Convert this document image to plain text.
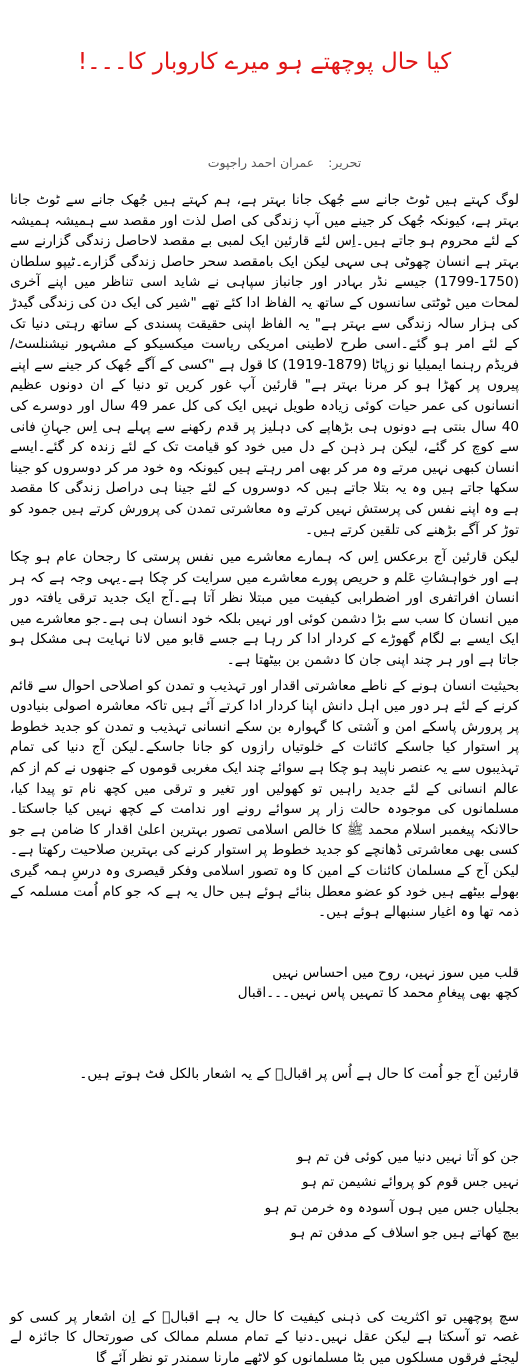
کیا حال پوچھتے ہو میرے کاروبار کا۔۔۔!
تحریر: عمران احمد راجپوت

لوگ کہتے ہیں ٹوٹ جانے سے جُھک جانا بہتر ہے، ہم کہتے ہیں جُھک جانے سے ٹوٹ جانا بہتر ہے، کیونکہ جُھک کر جینے میں آپ زندگی کی اصل لذت اور مقصد سے ہمیشہ ہمیشہ کے لئے محروم ہو جاتے ہیں۔اِس لئے قارئین ایک لمبی بے مقصد لاحاصل زندگی گزارنے سے بہتر ہے انسان چھوٹی ہی سہی لیکن ایک بامقصد سحر حاصل زندگی گزارے۔ٹیپو سلطان (1750-1799) جیسے نڈر بہادر اور جانباز سپاہی نے شاید اسی تناظر میں اپنے آخری لمحات میں ٹوٹتی سانسوں کے ساتھ یہ الفاظ ادا کئے تھے "شیر کی ایک دن کی زندگی گیدڑ کی ہزار سالہ زندگی سے بہتر ہے" یہ الفاظ اپنی حقیقت پسندی کے ساتھ رہتی دنیا تک کے لئے امر ہو گئے۔اسی طرح لاطینی امریکی ریاست میکسیکو کے مشہور نیشنلسٹ/ فریڈم رہنما ایمیلیا نو زپاٹا (1879-1919) کا قول ہے "کسی کے آگے جُھک کر جینے سے اپنے پیروں پر کھڑا ہو کر مرنا بہتر ہے" قارئین آپ غور کریں تو دنیا کے ان دونوں عظیم انسانوں کی عمر حیات کوئی زیادہ طویل نہیں ایک کی کل عمر 49 سال اور دوسرے کی 40 سال بنتی ہے دونوں ہی بڑھاپے کی دہلیز پر قدم رکھنے سے پہلے ہی اِس جہانِ فانی سے کوچ کر گئے، لیکن ہر ذہن کے دل میں خود کو قیامت تک کے لئے زندہ کر گئے۔ایسے انسان کبھی نہیں مرتے وہ مر کر بھی امر رہتے ہیں کیونکہ وہ خود مر کر دوسروں کو جینا سکھا جاتے ہیں وہ یہ بتلا جاتے ہیں کہ دوسروں کے لئے جینا ہی دراصل زندگی کا مقصد ہے وہ اپنے نفس کی پرستش نہیں کرتے وہ معاشرتی تمدن کی پرورش کرتے ہیں جمود کو توڑ کر آگے بڑھنے کی تلقین کرتے ہیں۔

لیکن قارئین آج برعکس اِس کہ ہمارے معاشرے میں نفس پرستی کا رجحان عام ہو چکا ہے اور خواہشاتِ عَلم و حریص پورے معاشرے میں سرایت کر چکا ہے۔یہی وجہ ہے کہ ہر انسان افراتفری اور اضطرابی کیفیت میں مبتلا نظر آتا ہے۔آج ایک جدید ترقی یافتہ دور میں انسان کا سب سے بڑا دشمن کوئی اور نہیں بلکہ خود انسان ہی ہے۔جو معاشرے میں ایک ایسے بے لگام گھوڑے کے کردار ادا کر رہا ہے جسے قابو میں لانا نہایت ہی مشکل ہو جاتا ہے اور ہر چند اپنی جان کا دشمن بن بیٹھتا ہے۔

بحیثیت انسان ہونے کے ناطے معاشرتی اقدار اور تہذیب و تمدن کو اصلاحی احوال سے قائم کرنے کے لئے ہر دور میں اہل دانش اپنا کردار ادا کرتے آئے ہیں تاکہ معاشرہ اصولی بنیادوں پر پرورش پاسکے امن و آشتی کا گہوارہ بن سکے انسانی تہذیب و تمدن کو جدید خطوط پر استوار کیا جاسکے کائنات کے خلوتیاں رازوں کو جانا جاسکے۔لیکن آج دنیا کی تمام تہذیبوں سے یہ عنصر ناپید ہو چکا ہے سوائے چند ایک مغربی قوموں کے جنھوں نے کم از کم عالم انسانی کے لئے جدید راہیں تو کھولیں اور تغیر و ترقی میں کچھ نام تو پیدا کیا، مسلمانوں کی موجودہ حالت زار پر سوائے رونے اور ندامت کے کچھ نہیں کیا جاسکتا۔حالانکہ پیغمبر اسلام محمد ﷺ کا خالص اسلامی تصور بہترین اعلیٰ اقدار کا ضامن ہے جو کسی بھی معاشرتی ڈھانچے کو جدید خطوط پر استوار کرنے کی بہترین صلاحیت رکھتا ہے۔لیکن آج کے مسلمان کائنات کے امین کا وہ تصور اسلامی وفکر قیصری وہ درسِ ہمہ گیری بھولے بیٹھے ہیں خود کو عضو معطل بنائے ہوئے ہیں حال یہ ہے کہ جو کام اُمت مسلمہ کے ذمہ تھا وہ اغیار سنبھالے ہوئے ہیں۔

قلب میں سوز نہیں، روح میں احساس نہیں
کچھ بھی پیغامِ محمد کا تمہیں پاس نہیں۔۔۔اقبال
قارئین آج جو اُمت کا حال ہے اُس پر اقبالؒ کے یہ اشعار بالکل فٹ ہوتے ہیں۔
جن کو آتا نہیں دنیا میں کوئی فن تم ہو
نہیں جس قوم کو پروائے نشیمن تم ہو
بجلیاں جس میں ہوں آسودہ وہ خرمن تم ہو
بیچ کھاتے ہیں جو اسلاف کے مدفن تم ہو

سچ پوچھیں تو اکثریت کی ذہنی کیفیت کا حال یہ ہے اقبالؒ کے اِن اشعار پر کسی کو غصہ تو آسکتا ہے لیکن عقل نہیں۔دنیا کے تمام مسلم ممالک کی صورتحال کا جائزہ لے لیجئے فرقوں مسلکوں میں بٹا مسلمانوں کو لاٹھے مارنا سمندر تو نظر آئے گا
